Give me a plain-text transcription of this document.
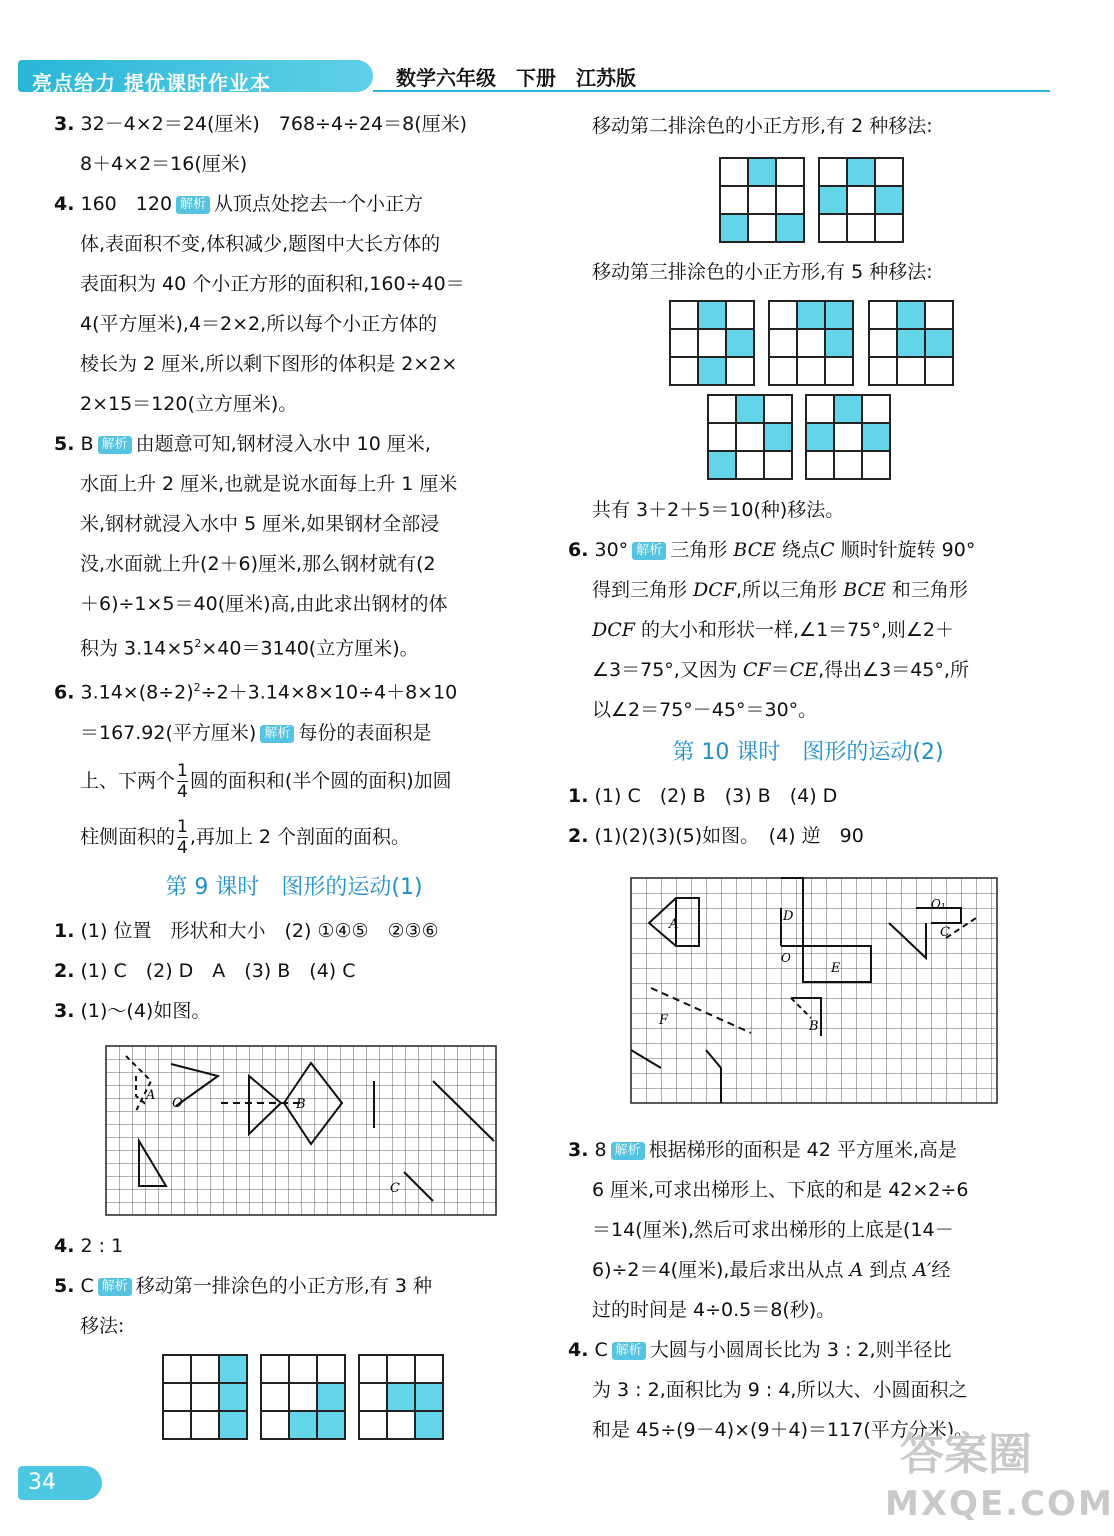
亮点给力 提优课时作业本	数学六年级　下册　江苏版

3. 32－4×2＝24(厘米)　768÷4÷24＝8(厘米)

8＋4×2＝16(厘米)

4. 160　120 解析 从顶点处挖去一个小正方

体,表面积不变,体积减少,题图中大长方体的

表面积为 40 个小正方形的面积和,160÷40＝

4(平方厘米),4＝2×2,所以每个小正方体的

棱长为 2 厘米,所以剩下图形的体积是 2×2×

2×15＝120(立方厘米)。

5. B 解析 由题意可知,钢材浸入水中 10 厘米,

水面上升 2 厘米,也就是说水面每上升 1 厘米

米,钢材就浸入水中 5 厘米,如果钢材全部浸

没,水面就上升(2＋6)厘米,那么钢材就有(2

＋6)÷1×5＝40(厘米)高,由此求出钢材的体

积为 $3.14\times 5^2\times 40=3140$(立方厘米)。

6. $3.14\times(8\div 2)^2\div 2+3.14\times 8\times 10\div 4+8\times 10$

＝167.92(平方厘米) 解析 每份的表面积是

上、下两个 $\frac{1}{4}$ 圆的面积和(半个圆的面积)加圆

柱侧面积的 $\frac{1}{4}$ ,再加上 2 个剖面的面积。

第 9 课时　图形的运动(1)

1. (1) 位置　形状和大小　(2) ①④⑤　②③⑥

2. (1) C　(2) D　A　(3) B　(4) C

3. (1)～(4)如图。

A
O	B
C

4. 2 : 1

5. C 解析 移动第一排涂色的小正方形,有 3 种

移法:

移动第二排涂色的小正方形,有 2 种移法:

移动第三排涂色的小正方形,有 5 种移法:

共有 3＋2＋5＝10(种)移法。

6. 30° 解析 三角形 BCE 绕点C 顺时针旋转 90°

得到三角形 DCF,所以三角形 BCE 和三角形

DCF 的大小和形状一样,∠1＝75°,则∠2＋

∠3＝75°,又因为 CF＝CE,得出∠3＝45°,所

以∠2＝75°－45°＝30°。

第 10 课时　图形的运动(2)

1. (1) C　(2) B　(3) B　(4) D

2. (1)(2)(3)(5)如图。　(4) 逆　90

O₁
D
A
C
O
E
F	B

3. 8 解析 根据梯形的面积是 42 平方厘米,高是

6 厘米,可求出梯形上、下底的和是 42×2÷6

＝14(厘米),然后可求出梯形的上底是(14－

6)÷2＝4(厘米),最后求出从点 A 到点 A′经

过的时间是 4÷0.5＝8(秒)。

4. C 解析 大圆与小圆周长比为 3 : 2,则半径比

为 3 : 2,面积比为 9 : 4,所以大、小圆面积之

和是 45÷(9－4)×(9＋4)＝117(平方分米)。

34
答案圈
MXQE.COM
